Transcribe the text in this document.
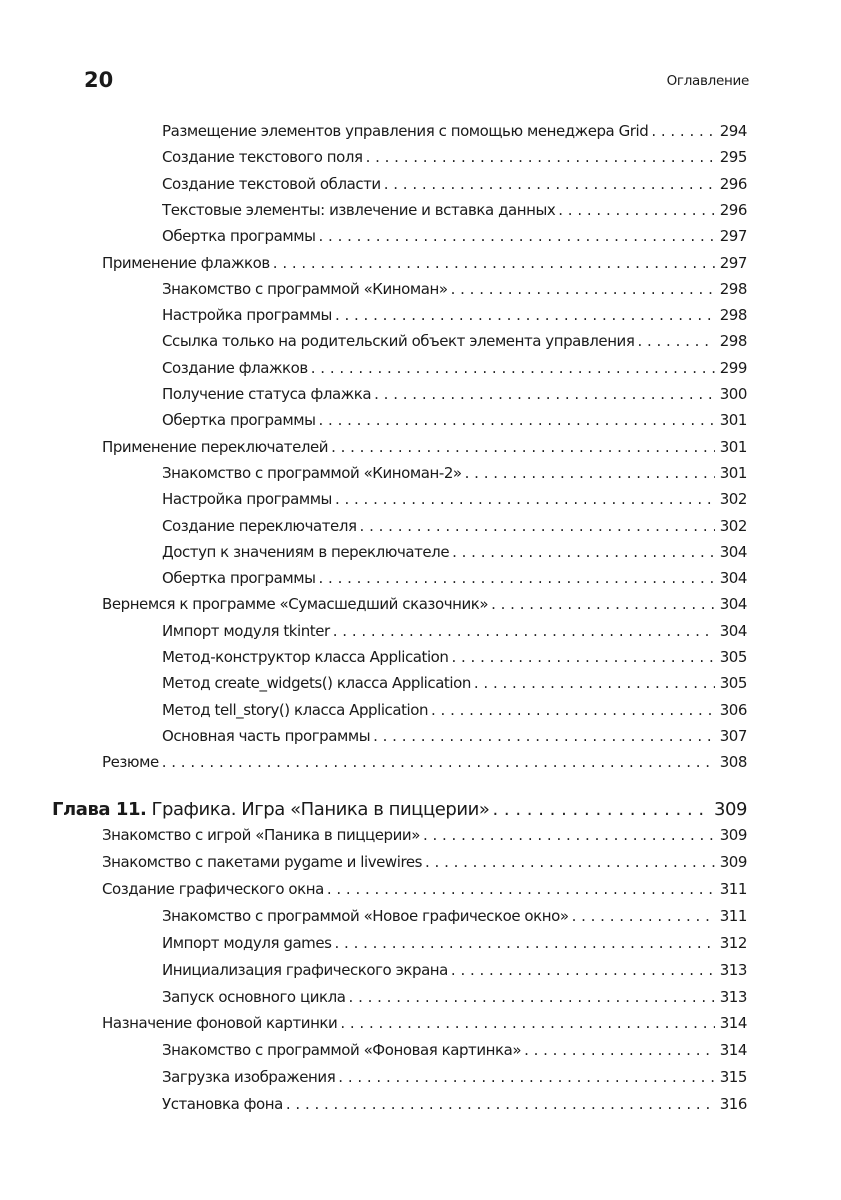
20	Оглавление
Размещение элементов управления с помощью менеджера Grid . . .	294
Создание текстового поля . . .	295
Создание текстовой области . . .	296
Текстовые элементы: извлечение и вставка данных . . .	296
Обертка программы . . .	297
Применение флажков . . .	297
Знакомство с программой «Киноман» . . .	298
Настройка программы . . .	298
Ссылка только на родительский объект элемента управления . . .	298
Создание флажков . . .	299
Получение статуса флажка . . .	300
Обертка программы . . .	301
Применение переключателей . . .	301
Знакомство с программой «Киноман-2» . . .	301
Настройка программы . . .	302
Создание переключателя . . .	302
Доступ к значениям в переключателе . . .	304
Обертка программы . . .	304
Вернемся к программе «Сумасшедший сказочник» . . .	304
Импорт модуля tkinter . . .	304
Метод-конструктор класса Application . . .	305
Метод create_widgets() класса Application . . .	305
Метод tell_story() класса Application . . .	306
Основная часть программы . . .	307
Резюме . . .	308
Глава 11. Графика. Игра «Паника в пиццерии» . . .	309
Знакомство с игрой «Паника в пиццерии» . . .	309
Знакомство с пакетами pygame и livewires . . .	309
Создание графического окна . . .	311
Знакомство с программой «Новое графическое окно» . . .	311
Импорт модуля games . . .	312
Инициализация графического экрана . . .	313
Запуск основного цикла . . .	313
Назначение фоновой картинки . . .	314
Знакомство с программой «Фоновая картинка» . . .	314
Загрузка изображения . . .	315
Установка фона . . .	316
